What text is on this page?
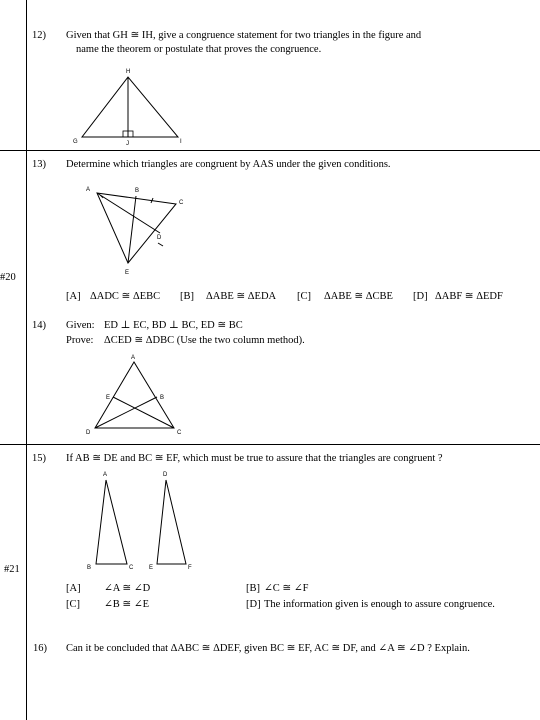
#20
#21
12) Given that GH ≅ IH, give a congruence statement for two triangles in the figure and
name the theorem or postulate that proves the congruence.
H
G	J	I
13) Determine which triangles are congruent by AAS under the given conditions.
A	B
C
D
E
[A] ΔADC ≅ ΔEBC [B] ΔABE ≅ ΔEDA [C] ΔABE ≅ ΔCBE [D] ΔABF ≅ ΔEDF
14) Given: ED ⊥ EC, BD ⊥ BC, ED ≅ BC
Prove: ΔCED ≅ ΔDBC (Use the two column method).
A
E	B
D	C
15) If AB ≅ DE and BC ≅ EF, which must be true to assure that the triangles are congruent ?
A
B	C
D
E	F
[A] ∠A ≅ ∠D	[B] ∠C ≅ ∠F
[C] ∠B ≅ ∠E	[D] The information given is enough to assure congruence.
16) Can it be concluded that ΔABC ≅ ΔDEF, given BC ≅ EF, AC ≅ DF, and ∠A ≅ ∠D ? Explain.
